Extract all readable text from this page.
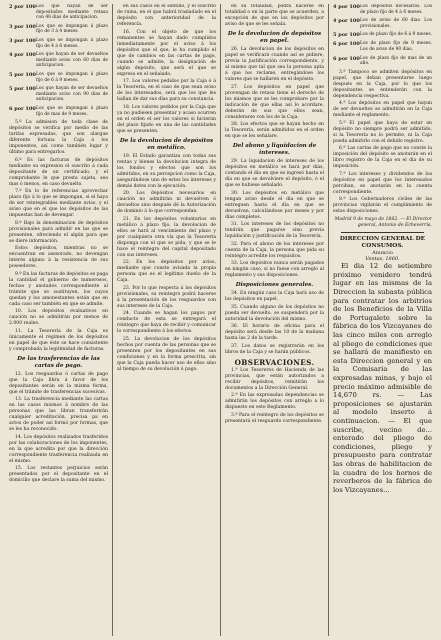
2 por 100 Los que hayan de ser depositados mediante retasa con 48 dias de anticipacion.
3 por 100 Los que se impongan á plazo fijo de 3 á 4 meses.
3 por 100 Los que se impongan á plazo fijo de 4 á 6 meses.
4 por 100 Los que hayan de ser devueltos mediante aviso con 60 dias de anticipacion.
5 por 100 Los que se impongan á plazo fijo de 6 á 9 meses.
5 por 100 Los que hayan de ser devueltos mediante aviso con 90 dias de anticipacion.
6 por 100 Los que se impongan á plazo fijo de mas de 9 meses.

5.º La admision de toda clase de depósitos se verifica por medio de las tarifas espresadas, que son alargue diferente fortuna la Caja á los imponentes, así como también lugar y último para entregarlos.

6.º Es las facturas de depósitos mediante su expresion el suscrito á cada depositante de un certificado, y el comprobante le que presta sujeta, sea mas ó menos, en caso devuelto.

7.º En lo de referencias aprovechar plazo fijo á lo que se impongan, si el haya de ser reintegrables mediante aviso, y el aviso que en el que los depósitos de las impuestas han de devengar.

8.º Bajo la denominacion de depósitos provisionales para admitir en las que se presenten, ofreciendo el algún para que se diere información.

Estos depósitos, mientras no se encuentran en asesorado, no devengan interés alguno á la resistencia de sus poseedores.

9.º En las facturas de depósitos se paga la cantidad el gobierno de numerosos, fechas y anotados correspondiente al trámite que se sustituyen, los cuyos quedan y los amonestantes están que en cada caso ser también en que se admite.

10. Los depósitos evaluativos en caución no se admitirán por menos de 2.000 reales.

11. La Tesorería de la Caja es únicamente el régimen de los depósitos en papel de que éste se hace consistente y comprobada la legitimidad de facturas.

De las trasferencias de las cartas de pago.

12. Los resguardos ó cartas de pago que la Caja libra á favor de los depositantes serán en la misma forma, que el trámite de trasferencias sucesivas.

13. La trasferencia mediante las cartas en las casos mismos á nombre de las personas que las libran transferirán cualquier acreditación, precisa pa en actos de poder así formó por formas, que se les ha reconocido.

14. Los depósitos realizados trasferidos por las colaboraciones de los imponentes, en la que acredita por que la dirección correspondiente trasferencia realizada en el mismo.

15. Los restantes perjuicios serán presentados por el depositante en el domicilio que declare la suma del mismo.

en sus casos en el sentido, y el suscrito de ruina, en el que habrá trasladado en el depósito con anterioridad de la referencia.

16. Con el objeto de que los remanentes se hayan dado cumplidos inmediatamente por el aviso á los depósitos que el que, le ha cumplido el que de cambios en las cartas de pago, cuando se admite, la designación de algún depósito, que será el que se expresa en el señalado.

17. Los valores pedidos por la Caja ó á la Tesorería, en el caso de que sean aviso de los interesados, será que los que les hallan de dar sus días para su constancia.

18. Los valores pedidos por la Caja que ya no pudiesen presentar y acaso ocurren en el orden el ser los valores si hicieran del plazo fijado en una de las cantidades que se presenten.

De la devolucion de depósitos en metálico.

19. El Estado garantiza con todas sus rentas y bienes la devolucion integra de los fondos y efectos que son los admitidos, en su percepcion como la Caja, asegurándose uno de estos los intereses y demás dotes con la ejecución.

20. Los depósitos necesarios en caución no admitirán ni devuelven ó devueltos sino después dé la Autorización de dominio á lo que correspondan.

21. En los depósitos voluntarios en metálico á plazo fijo, la devolucion de ellos se hará al vencimiento del plazo y por cualquiera otra vía que la Tesorería disponga con el que se pida, y que se le hace el reintegro del capital depositado con sus intereses.

22. En los depósitos por aviso, mediante que conste avisada la propia persona que es el legítimo dueño de la Caja.

23. Por lo que respecta á los depósitos provisionales, su reintegro podrá hacerse á la presentación de los resguardos con sus intereses de la Caja.

24. Cuando se hagan los pagos por conducto de esta se entregará el reintegro que haya de recibir y comunicar lo correspondiente á los efectos.

25. La devolucion de los depósitos hechos por cuenta de las personas que se presenten por los depositantes en sus condiciones y en la forma prescrita, sin que la Caja pueda hacer uso de ellos sino al tiempo de su devolución ó pago.

en su totalidad, podrá hacerse en totalidad o en la parte que se acuerden, a excepción de que en los depósitos por aviso de que se les señala.

De la devolucion de depósitos en papel.

26. La devolucion de los depósitos en papel se verificará cuando así se pidiere, previa la justificación correspondiente, y al mismo que tal que sea la persona apta á que los reclame, entregándose los valores que se hallaren en el depósito.

27. Los depósitos en papel que provengan de retasa tiene el derecho de los mismos que se les comprobare por la indicación de que ellas así lo acordare, deberán de sus que ellos sean, considerarse con los de la Caja.

28. Los efectos que se hayan hecho en la Tesorería, serán admitidos en el orden en que se les señalare.

Del abono y liquidacion de intereses.

29. La liquidacion de intereses de los depósitos en metálico se hará por días, contando el día en que se ingresó hasta el día en que se devolviere el depósito, ó el que se hubiese señalado.

30. Los depósitos en metálico que tengan aviso desde el día en que se entreguen hasta el día en que se devuelvan, calculándose por meses y por días completos.

31. Los intereses de los depósitos no tendrán que pagarse sino previa liquidación y justificación de la Tesorería.

32. Para el abono de los intereses por cuenta de la Caja, la persona que pida su reintegro acredite los requisitos.

33. Los depósitos nunca serán pagados en ningún caso, si no fuese con arreglo al reglamento y sus disposiciones.

Disposiciones generales.

34. En ningún caso la Caja hará uso de los depósitos en papel.

35. Cuando alguno de los depósitos no pueda ser devuelto, se suspenderá por la autoridad la devolución del mismo.

36. El horario de oficina para el depósito será desde las 10 de la mañana hasta las 2 de la tarde.

37. Los datos se registrarán en los libros de la Caja y se harán públicos.

OBSERVACIONES.

1.ª Los Tesoreros de Hacienda de las provincias, que están autorizados a recibir depósitos, remitirán los documentos a la Dirección General.

2.ª En las expresadas dependencias se admitirán los depósitos con arreglo a lo dispuesto en este Reglamento.

3.ª Para el reintegro de los depósitos se presentará el resguardo correspondiente.

4 por 100 Los depósitos necesarios. Los de plazo fijo de 4 á 6 meses.
4 por 100 Los de aviso de 60 dias. Los provisionales.
5 por 100 Los de plazo fijo de 6 á 9 meses.
6 por 100 Los de plazo fijo de 9 meses. Los de aviso de 90 dias.
6 por 100 Los de plazo fijo de mas de un año.

3.ª Tampoco se admiten depósitos en papel, que deban presentarse luego después en la Caja, por lo que los depositantes se entenderán con la dependencia respectiva.

4.ª Los depósitos en papel que hayan de ser devueltos se admitirán en la Caja mediante el reglamento.

5.ª El papel que haya de estar en depósito no siempre podrá ser admitido, si la Tesorería no lo permite, ni la Caja pueda admitirlo con el debido registro.

6.ª Las cartas de pago que no conste la imposición del depósito se anotarán en el libro registro de la Caja en el día de su imposición.

7.ª Los intereses y dividendos de los depósitos en papel que los interesados perciban, se anotarán en la cuenta correspondiente.

8.ª Los Gobernadores civiles de las provincias vigilarán el cumplimiento de estas disposiciones.

Madrid 9 de mayo de 1862. — El Director general, Antonio de Echeverría.
DIRECCION GENERAL DE CONSUMOS.
Anuncio
Ventas, 1860.

El dia 12 de setiembre próximo venidero tendrá lugar en las mismas de la Direccion la subasta pública para contratar los arbitrios de los Beneficios de la Villa de Portugalete sobre la fábrica de los Vizcayanes de las cinco miles con arreglo al pliego de condiciones que se hallará de manifiesto en esta Direccion general y en la Comisaria de las expresadas minas, y bajo el precio máximo admisible de 14,670 rs. — Las proposiciones se ajustarán al modelo inserto á continuacion. — El que suscribe, vecino de... enterado del pliego de condiciones, pliego y presupuesto para contratar las obras de habilitacion de la cuadra de los hornos de reverberos de la fábrica de los Vizcayanes...
